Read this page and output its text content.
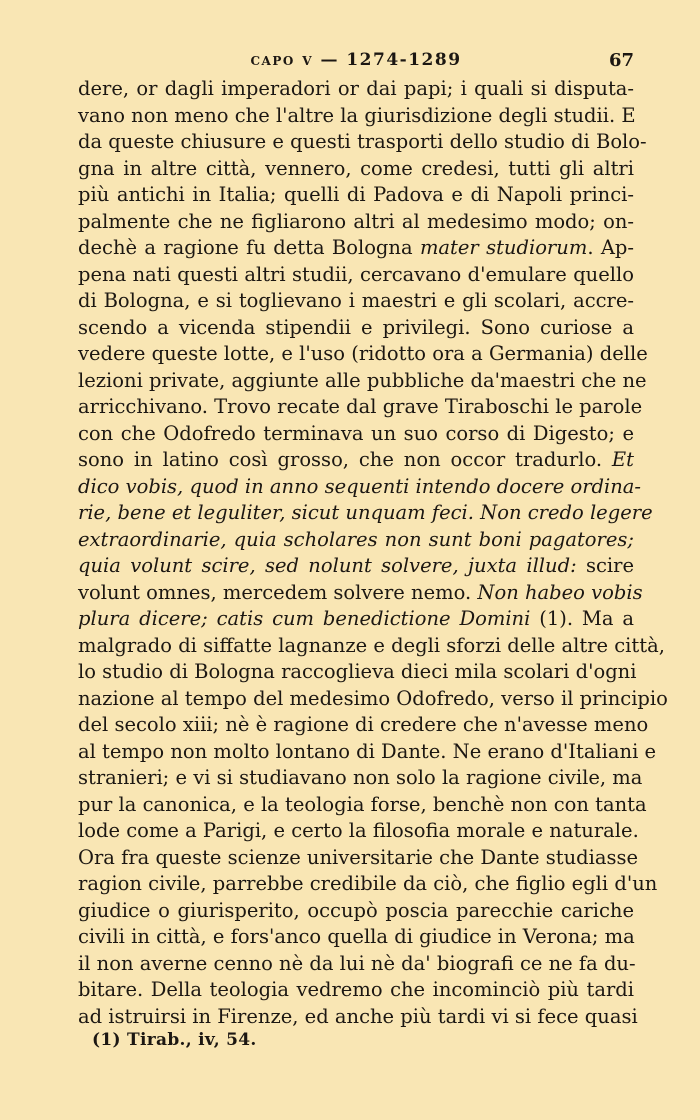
capo v — 1274-1289	67
dere, or dagli imperadori or dai papi; i quali si disputa-
vano non meno che l'altre la giurisdizione degli studii. E
da queste chiusure e questi trasporti dello studio di Bolo-
gna in altre città, vennero, come credesi, tutti gli altri
più antichi in Italia; quelli di Padova e di Napoli princi-
palmente che ne figliarono altri al medesimo modo; on-
dechè a ragione fu detta Bologna mater studiorum. Ap-
pena nati questi altri studii, cercavano d'emulare quello
di Bologna, e si toglievano i maestri e gli scolari, accre-
scendo a vicenda stipendii e privilegi. Sono curiose a
vedere queste lotte, e l'uso (ridotto ora a Germania) delle
lezioni private, aggiunte alle pubbliche da'maestri che ne
arricchivano. Trovo recate dal grave Tiraboschi le parole
con che Odofredo terminava un suo corso di Digesto; e
sono in latino così grosso, che non occor tradurlo. Et
dico vobis, quod in anno sequenti intendo docere ordina-
rie, bene et leguliter, sicut unquam feci. Non credo legere
extraordinarie, quia scholares non sunt boni pagatores;
quia volunt scire, sed nolunt solvere, juxta illud: scire
volunt omnes, mercedem solvere nemo. Non habeo vobis
plura dicere; catis cum benedictione Domini (1). Ma a
malgrado di siffatte lagnanze e degli sforzi delle altre città,
lo studio di Bologna raccoglieva dieci mila scolari d'ogni
nazione al tempo del medesimo Odofredo, verso il principio
del secolo xiii; nè è ragione di credere che n'avesse meno
al tempo non molto lontano di Dante. Ne erano d'Italiani e
stranieri; e vi si studiavano non solo la ragione civile, ma
pur la canonica, e la teologia forse, benchè non con tanta
lode come a Parigi, e certo la filosofia morale e naturale.
Ora fra queste scienze universitarie che Dante studiasse
ragion civile, parrebbe credibile da ciò, che figlio egli d'un
giudice o giurisperito, occupò poscia parecchie cariche
civili in città, e fors'anco quella di giudice in Verona; ma
il non averne cenno nè da lui nè da' biografi ce ne fa du-
bitare. Della teologia vedremo che incominciò più tardi
ad istruirsi in Firenze, ed anche più tardi vi si fece quasi
(1) Tirab., iv, 54.
